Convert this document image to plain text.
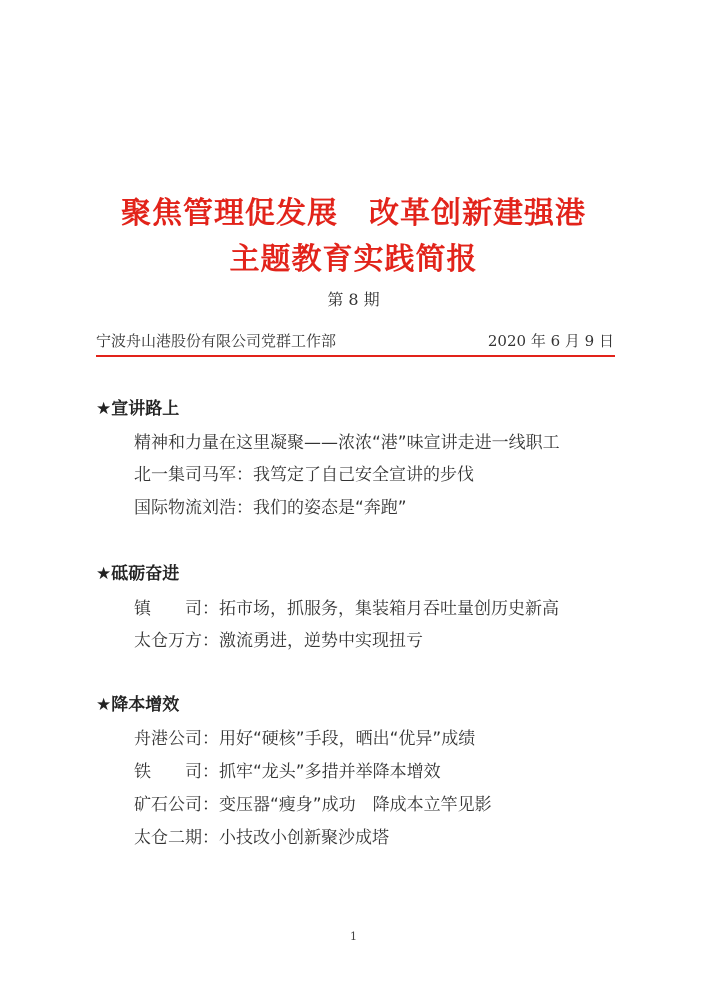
聚焦管理促发展　改革创新建强港
主题教育实践简报
第 8 期
宁波舟山港股份有限公司党群工作部	2020 年 6 月 9 日
★宣讲路上
精神和力量在这里凝聚——浓浓“港”味宣讲走进一线职工
北一集司马军：我笃定了自己安全宣讲的步伐
国际物流刘浩：我们的姿态是“奔跑”
★砥砺奋进
镇　　司：拓市场，抓服务，集装箱月吞吐量创历史新高
太仓万方：激流勇进，逆势中实现扭亏
★降本增效
舟港公司：用好“硬核”手段，晒出“优异”成绩
铁　　司：抓牢“龙头”多措并举降本增效
矿石公司：变压器“瘦身”成功　降成本立竿见影
太仓二期：小技改小创新聚沙成塔
1
